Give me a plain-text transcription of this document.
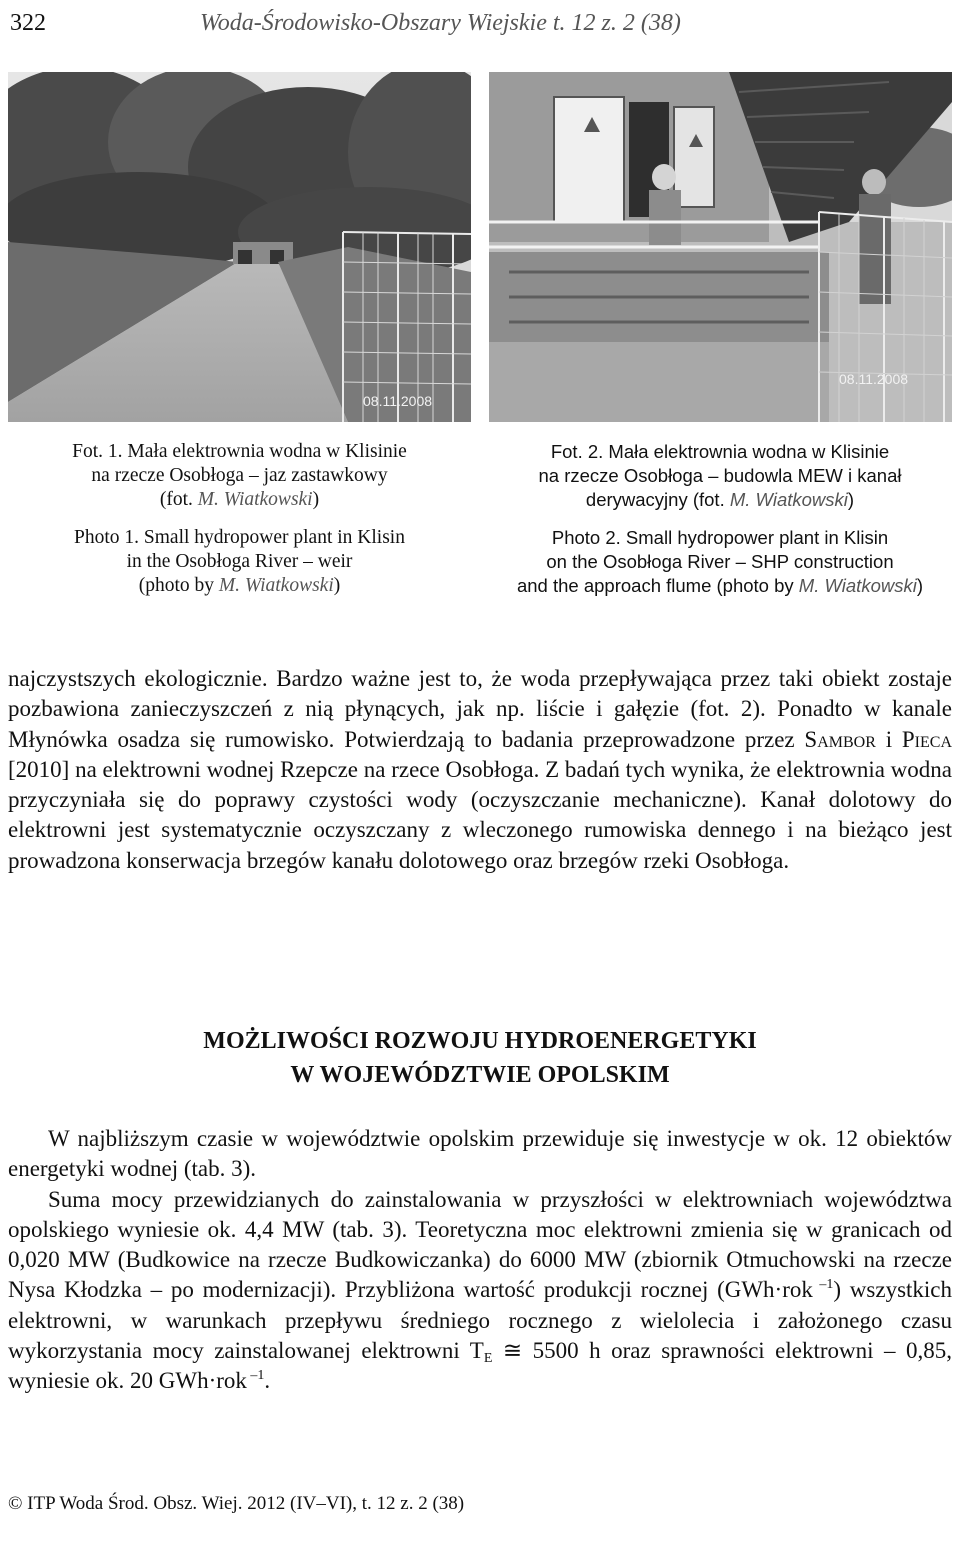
322	Woda-Środowisko-Obszary Wiejskie t. 12 z. 2 (38)
08.11.2008
08.11.2008

Fot. 1. Mała elektrownia wodna w Klisinie

na rzecze Osobłoga – jaz zastawkowy

(fot. M. Wiatkowski)

Photo 1. Small hydropower plant in Klisin

in the Osobłoga River – weir

(photo by M. Wiatkowski)

Fot. 2. Mała elektrownia wodna w Klisinie

na rzecze Osobłoga – budowla MEW i kanał

derywacyjny (fot. M. Wiatkowski)

Photo 2. Small hydropower plant in Klisin

on the Osobłoga River – SHP construction

and the approach flume (photo by M. Wiatkowski)

najczystszych ekologicznie. Bardzo ważne jest to, że woda przepływająca przez taki obiekt zostaje pozbawiona zanieczyszczeń z nią płynących, jak np. liście i gałęzie (fot. 2). Ponadto w kanale Młynówka osadza się rumowisko. Potwierdzają to badania przeprowadzone przez Sambor i Pieca [2010] na elektrowni wodnej Rzepcze na rzece Osobłoga. Z badań tych wynika, że elektrownia wodna przyczyniała się do poprawy czystości wody (oczyszczanie mechaniczne). Kanał dolotowy do elektrowni jest systematycznie oczyszczany z wleczonego rumowiska dennego i na bieżąco jest prowadzona konserwacja brzegów kanału dolotowego oraz brzegów rzeki Osobłoga.

MOŻLIWOŚCI ROZWOJU HYDROENERGETYKI
W WOJEWÓDZTWIE OPOLSKIM

W najbliższym czasie w województwie opolskim przewiduje się inwestycje w ok. 12 obiektów energetyki wodnej (tab. 3).

Suma mocy przewidzianych do zainstalowania w przyszłości w elektrowniach województwa opolskiego wyniesie ok. 4,4 MW (tab. 3). Teoretyczna moc elektrowni zmienia się w granicach od 0,020 MW (Budkowice na rzecze Budkowiczanka) do 6000 MW (zbiornik Otmuchowski na rzecze Nysa Kłodzka – po modernizacji). Przybliżona wartość produkcji rocznej (GWh·rok $^{-1}$) wszystkich elektrowni, w warunkach przepływu średniego rocznego z wielolecia i założonego czasu wykorzystania mocy zainstalowanej elektrowni $T_E$ ≅ 5500 h oraz sprawności elektrowni – 0,85, wyniesie ok. 20 GWh·rok $^{-1}$.

© ITP Woda Środ. Obsz. Wiej. 2012 (IV–VI), t. 12 z. 2 (38)
